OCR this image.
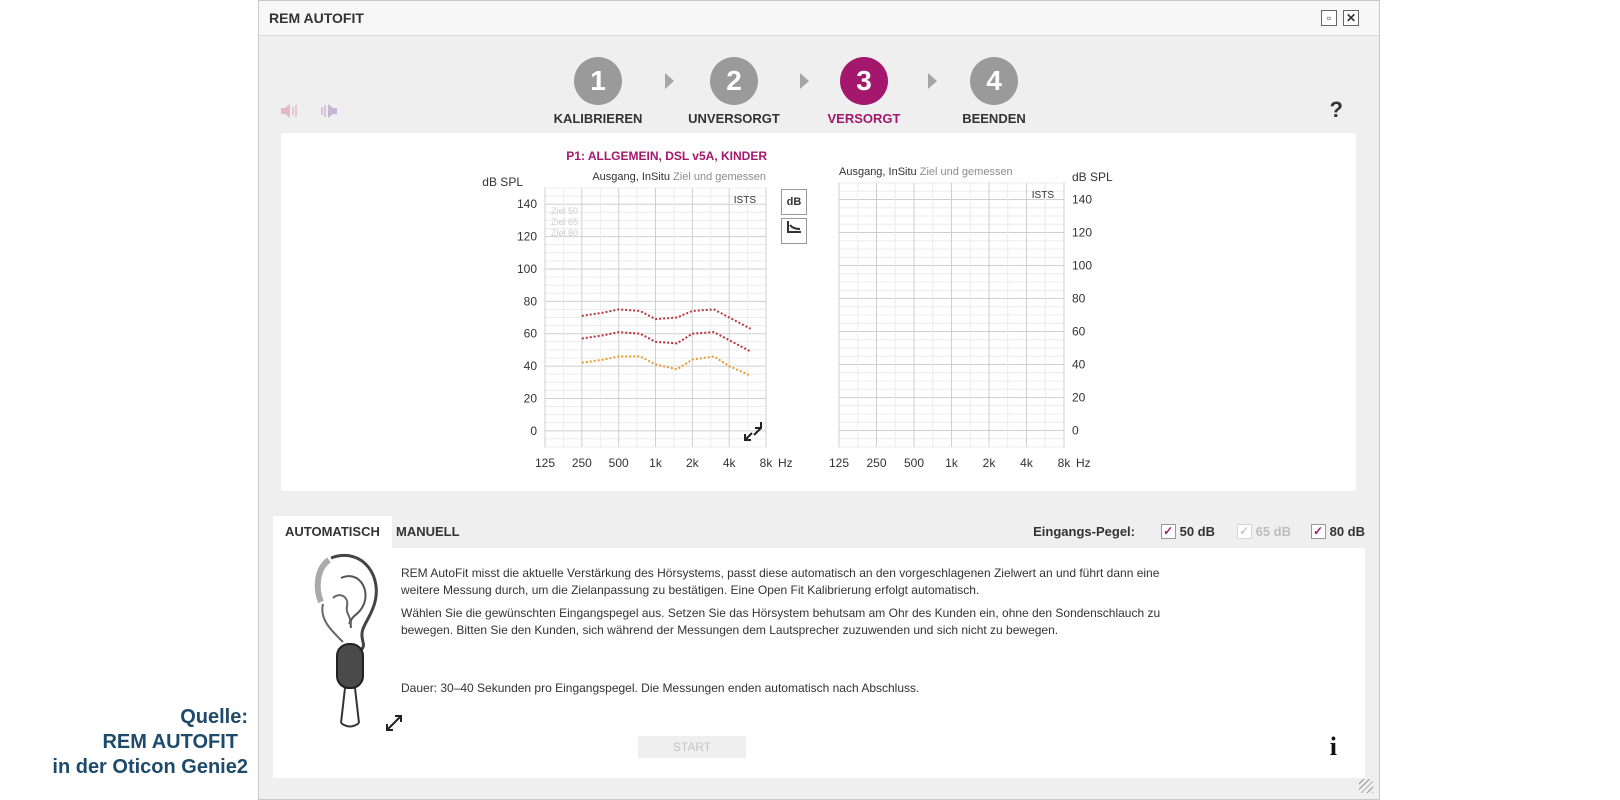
REM AUTOFIT	▫	✕
1
KALIBRIEREN
2
UNVERSORGT
3
VERSORGT
4
BEENDEN	?
0
20
40
60
80
100
120
140
125 250 500 1k 2k 4k 8k Hz
dB SPL
P1: ALLGEMEIN, DSL v5A, KINDER
Ausgang, InSitu Ziel und gemessen
ISTS
Ziel 50
Ziel 65
Ziel 80
0
20
40
60
80
100
120
140
125 250 500 1k 2k 4k 8k Hz
dB SPL
Ausgang, InSitu Ziel und gemessen
ISTS
dB
AUTOMATISCH	MANUELL	Eingangs-Pegel: ✓ 50 dB ✓ 65 dB ✓ 80 dB
REM AutoFit misst die aktuelle Verstärkung des Hörsystems, passt diese automatisch an den vorgeschlagenen Zielwert an und führt dann eine weitere Messung durch, um die Zielanpassung zu bestätigen. Eine Open Fit Kalibrierung erfolgt automatisch.
Wählen Sie die gewünschten Eingangspegel aus. Setzen Sie das Hörsystem behutsam am Ohr des Kunden ein, ohne den Sondenschlauch zu bewegen. Bitten Sie den Kunden, sich während der Messungen dem Lautsprecher zuzuwenden und sich nicht zu bewegen.
Dauer: 30–40 Sekunden pro Eingangspegel. Die Messungen enden automatisch nach Abschluss.
START	i
Quelle:
REM AUTOFIT
in der Oticon Genie2
